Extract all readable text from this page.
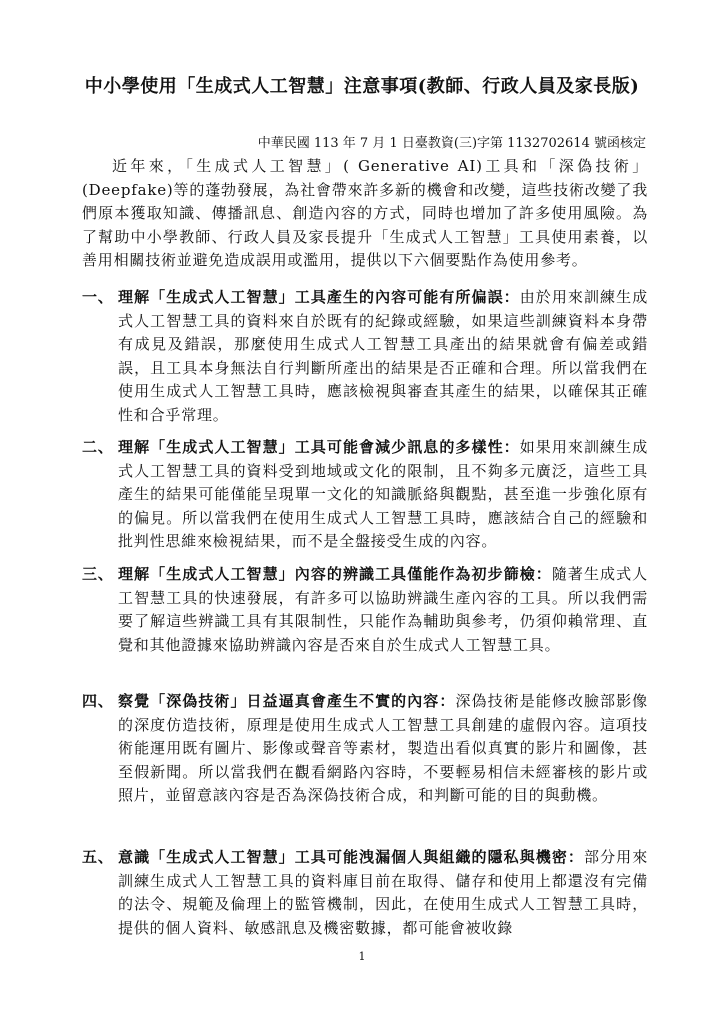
中小學使用「生成式人工智慧」注意事項(教師、行政人員及家長版)
中華民國 113 年 7 月 1 日臺教資(三)字第 1132702614 號函核定
近年來，「生成式人工智慧」( Generative AI)工具和「深偽技術」(Deepfake)等的蓬勃發展，為社會帶來許多新的機會和改變，這些技術改變了我們原本獲取知識、傳播訊息、創造內容的方式，同時也增加了許多使用風險。為了幫助中小學教師、行政人員及家長提升「生成式人工智慧」工具使用素養，以善用相關技術並避免造成誤用或濫用，提供以下六個要點作為使用參考。
一、 理解「生成式人工智慧」工具產生的內容可能有所偏誤：由於用來訓練生成式人工智慧工具的資料來自於既有的紀錄或經驗，如果這些訓練資料本身帶有成見及錯誤，那麼使用生成式人工智慧工具產出的結果就會有偏差或錯誤，且工具本身無法自行判斷所產出的結果是否正確和合理。所以當我們在使用生成式人工智慧工具時，應該檢視與審查其產生的結果，以確保其正確性和合乎常理。
二、 理解「生成式人工智慧」工具可能會減少訊息的多樣性：如果用來訓練生成式人工智慧工具的資料受到地域或文化的限制，且不夠多元廣泛，這些工具產生的結果可能僅能呈現單一文化的知識脈絡與觀點，甚至進一步強化原有的偏見。所以當我們在使用生成式人工智慧工具時，應該結合自己的經驗和批判性思維來檢視結果，而不是全盤接受生成的內容。
三、 理解「生成式人工智慧」內容的辨識工具僅能作為初步篩檢：隨著生成式人工智慧工具的快速發展，有許多可以協助辨識生產內容的工具。所以我們需要了解這些辨識工具有其限制性，只能作為輔助與參考，仍須仰賴常理、直覺和其他證據來協助辨識內容是否來自於生成式人工智慧工具。
四、 察覺「深偽技術」日益逼真會產生不實的內容：深偽技術是能修改臉部影像的深度仿造技術，原理是使用生成式人工智慧工具創建的虛假內容。這項技術能運用既有圖片、影像或聲音等素材，製造出看似真實的影片和圖像，甚至假新聞。所以當我們在觀看網路內容時，不要輕易相信未經審核的影片或照片，並留意該內容是否為深偽技術合成，和判斷可能的目的與動機。
五、 意識「生成式人工智慧」工具可能洩漏個人與組織的隱私與機密：部分用來訓練生成式人工智慧工具的資料庫目前在取得、儲存和使用上都還沒有完備的法令、規範及倫理上的監管機制，因此，在使用生成式人工智慧工具時，提供的個人資料、敏感訊息及機密數據，都可能會被收錄
1
